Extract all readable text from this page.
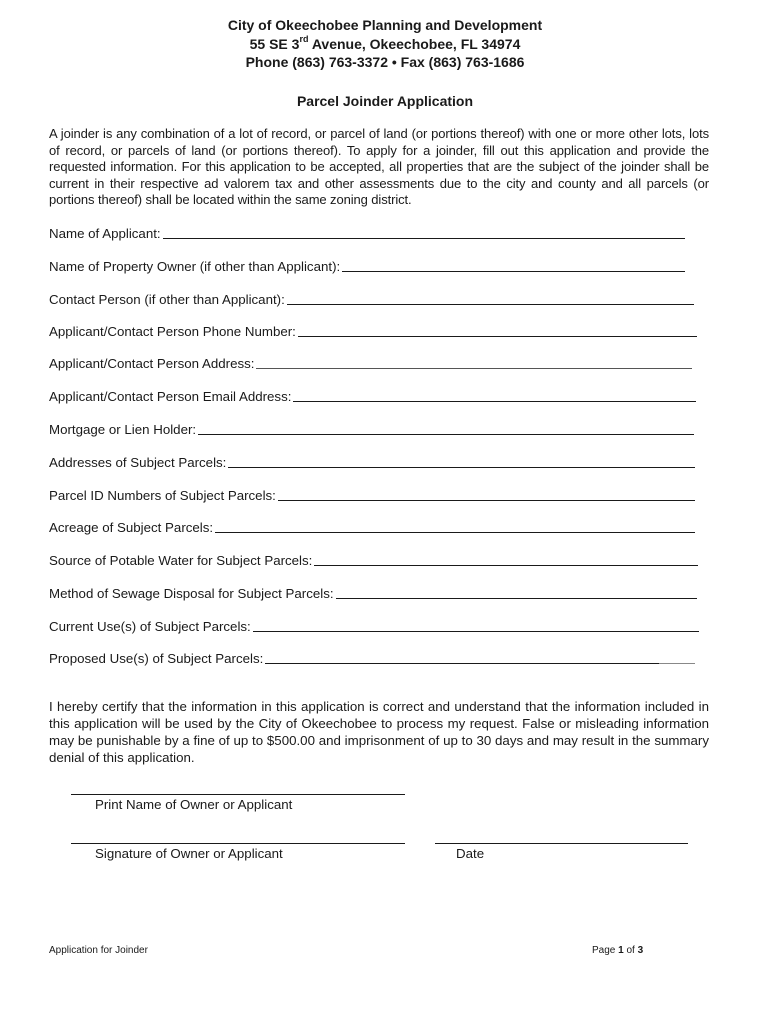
City of Okeechobee Planning and Development
55 SE 3rd Avenue, Okeechobee, FL 34974
Phone (863) 763-3372 • Fax (863) 763-1686
Parcel Joinder Application

A joinder is any combination of a lot of record, or parcel of land (or portions thereof) with one or more other lots, lots of record, or parcels of land (or portions thereof). To apply for a joinder, fill out this application and provide the requested information. For this application to be accepted, all properties that are the subject of the joinder shall be current in their respective ad valorem tax and other assessments due to the city and county and all parcels (or portions thereof) shall be located within the same zoning district.

Name of Applicant:
Name of Property Owner (if other than Applicant):
Contact Person (if other than Applicant):
Applicant/Contact Person Phone Number:
Applicant/Contact Person Address:
Applicant/Contact Person Email Address:
Mortgage or Lien Holder:
Addresses of Subject Parcels:
Parcel ID Numbers of Subject Parcels:
Acreage of Subject Parcels:
Source of Potable Water for Subject Parcels:
Method of Sewage Disposal for Subject Parcels:
Current Use(s) of Subject Parcels:
Proposed Use(s) of Subject Parcels:

I hereby certify that the information in this application is correct and understand that the information included in this application will be used by the City of Okeechobee to process my request. False or misleading information may be punishable by a fine of up to $500.00 and imprisonment of up to 30 days and may result in the summary denial of this application.

Print Name of Owner or Applicant
Signature of Owner or Applicant	Date
Application for Joinder	Page 1 of 3
